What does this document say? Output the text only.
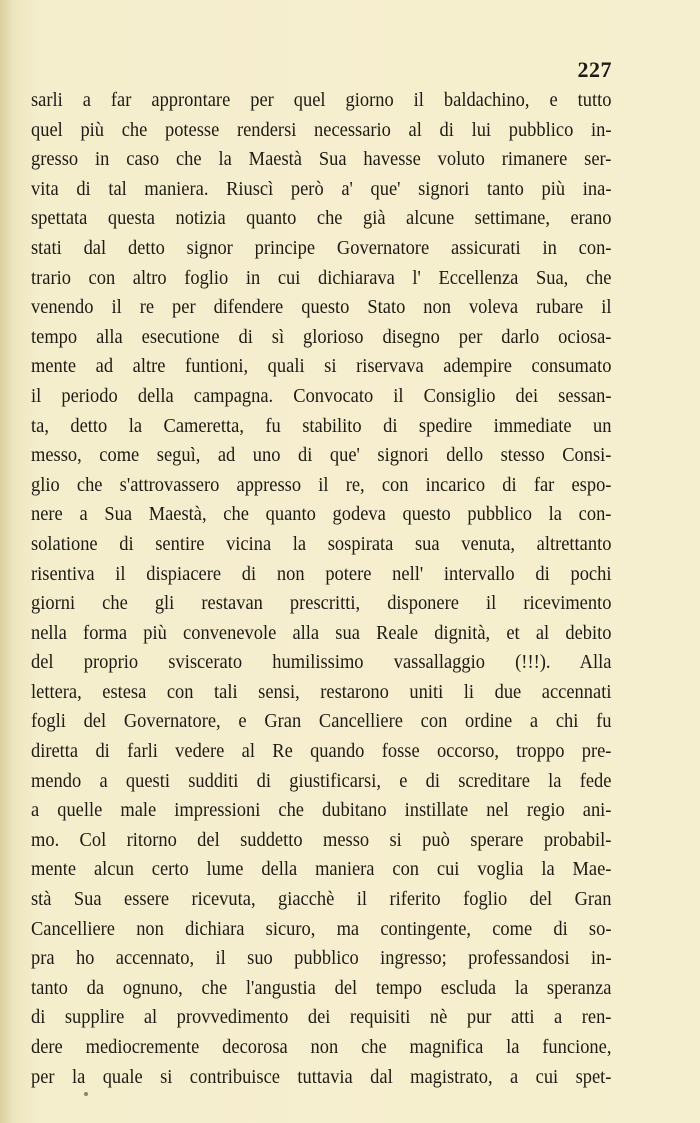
227
sarli a far approntare per quel giorno il baldachino, e tutto
quel più che potesse rendersi necessario al di lui pubblico in-
gresso in caso che la Maestà Sua havesse voluto rimanere ser-
vita di tal maniera. Riuscì però a' que' signori tanto più ina-
spettata questa notizia quanto che già alcune settimane, erano
stati dal detto signor principe Governatore assicurati in con-
trario con altro foglio in cui dichiarava l' Eccellenza Sua, che
venendo il re per difendere questo Stato non voleva rubare il
tempo alla esecutione di sì glorioso disegno per darlo ociosa-
mente ad altre funtioni, quali si riservava adempire consumato
il periodo della campagna. Convocato il Consiglio dei sessan-
ta, detto la Cameretta, fu stabilito di spedire immediate un
messo, come seguì, ad uno di que' signori dello stesso Consi-
glio che s'attrovassero appresso il re, con incarico di far espo-
nere a Sua Maestà, che quanto godeva questo pubblico la con-
solatione di sentire vicina la sospirata sua venuta, altrettanto
risentiva il dispiacere di non potere nell' intervallo di pochi
giorni che gli restavan prescritti, disponere il ricevimento
nella forma più convenevole alla sua Reale dignità, et al debito
del proprio sviscerato humilissimo vassallaggio (!!!). Alla
lettera, estesa con tali sensi, restarono uniti li due accennati
fogli del Governatore, e Gran Cancelliere con ordine a chi fu
diretta di farli vedere al Re quando fosse occorso, troppo pre-
mendo a questi sudditi di giustificarsi, e di screditare la fede
a quelle male impressioni che dubitano instillate nel regio ani-
mo. Col ritorno del suddetto messo si può sperare probabil-
mente alcun certo lume della maniera con cui voglia la Mae-
stà Sua essere ricevuta, giacchè il riferito foglio del Gran
Cancelliere non dichiara sicuro, ma contingente, come di so-
pra ho accennato, il suo pubblico ingresso; professandosi in-
tanto da ognuno, che l'angustia del tempo escluda la speranza
di supplire al provvedimento dei requisiti nè pur atti a ren-
dere mediocremente decorosa non che magnifica la funcione,
per la quale si contribuisce tuttavia dal magistrato, a cui spet-
